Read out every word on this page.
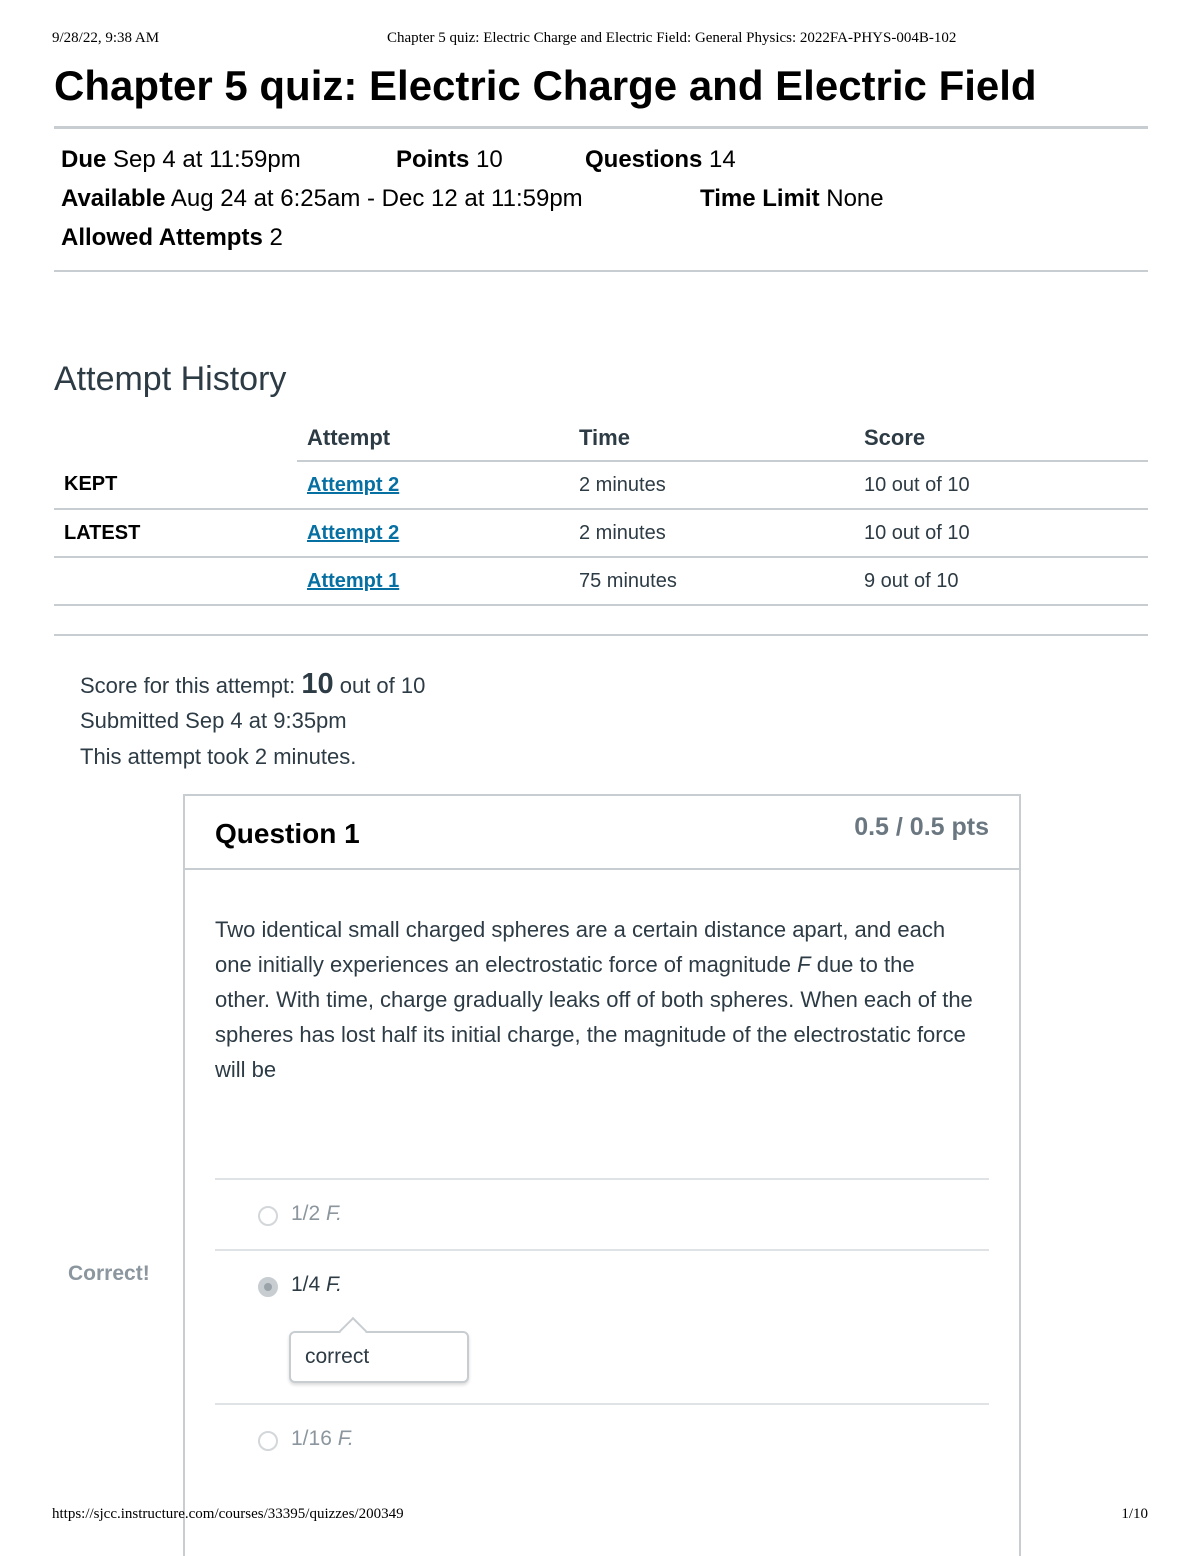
9/28/22, 9:38 AM	Chapter 5 quiz: Electric Charge and Electric Field: General Physics: 2022FA-PHYS-004B-102
Chapter 5 quiz: Electric Charge and Electric Field
Due Sep 4 at 11:59pm	Points 10	Questions 14
Available Aug 24 at 6:25am - Dec 12 at 11:59pm	Time Limit None
Allowed Attempts 2
Attempt History
	Attempt	Time	Score
KEPT	Attempt 2	2 minutes	10 out of 10
LATEST	Attempt 2	2 minutes	10 out of 10
	Attempt 1	75 minutes	9 out of 10
Score for this attempt: 10 out of 10
Submitted Sep 4 at 9:35pm
This attempt took 2 minutes.
Question 1	0.5 / 0.5 pts
Two identical small charged spheres are a certain distance apart, and each one initially experiences an electrostatic force of magnitude F due to the other. With time, charge gradually leaks off of both spheres. When each of the spheres has lost half its initial charge, the magnitude of the electrostatic force will be
1/2 F.
1/4 F.
correct
1/16 F.
Correct!
https://sjcc.instructure.com/courses/33395/quizzes/200349	1/10
